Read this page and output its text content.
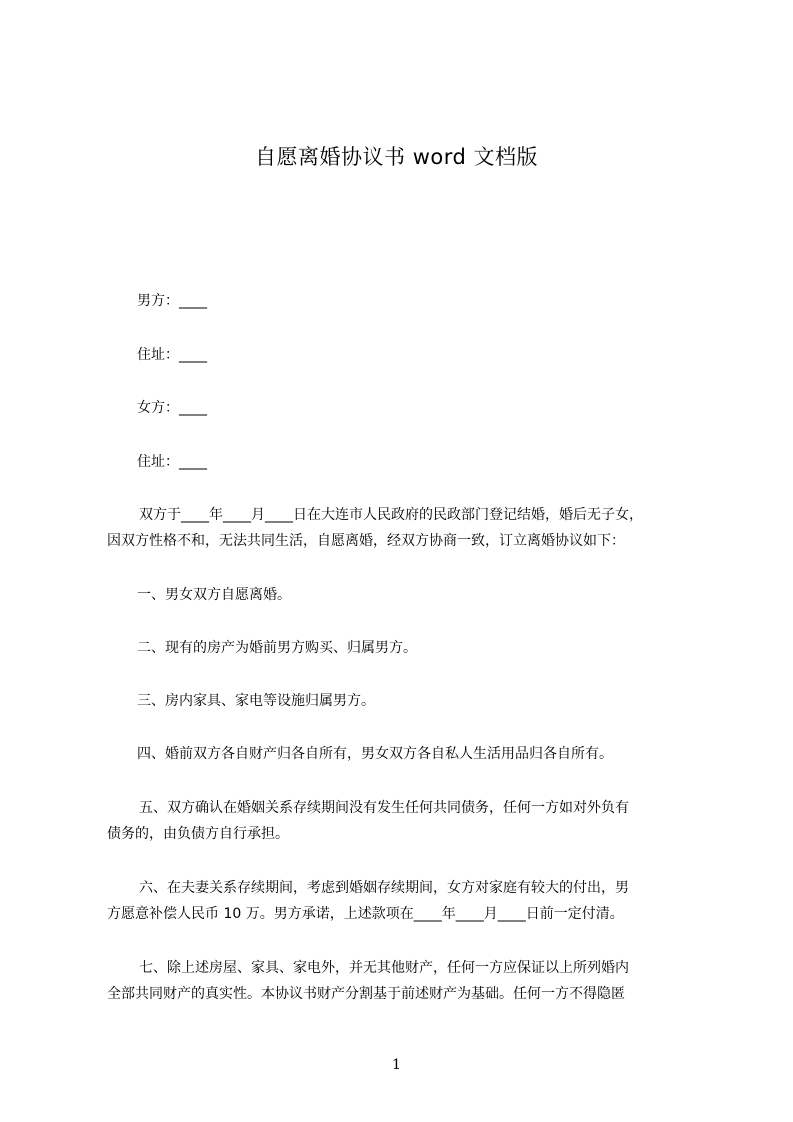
自愿离婚协议书 word 文档版
男方：____
住址：____
女方：____
住址：____
双方于____年____月____日在大连市人民政府的民政部门登记结婚，婚后无子女，
因双方性格不和，无法共同生活，自愿离婚，经双方协商一致，订立离婚协议如下：
一、男女双方自愿离婚。
二、现有的房产为婚前男方购买、归属男方。
三、房内家具、家电等设施归属男方。
四、婚前双方各自财产归各自所有，男女双方各自私人生活用品归各自所有。
五、双方确认在婚姻关系存续期间没有发生任何共同债务，任何一方如对外负有
债务的，由负债方自行承担。
六、在夫妻关系存续期间，考虑到婚姻存续期间，女方对家庭有较大的付出，男
方愿意补偿人民币 10 万。男方承诺，上述款项在____年____月____日前一定付清。
七、除上述房屋、家具、家电外，并无其他财产，任何一方应保证以上所列婚内
全部共同财产的真实性。本协议书财产分割基于前述财产为基础。任何一方不得隐匿
1
